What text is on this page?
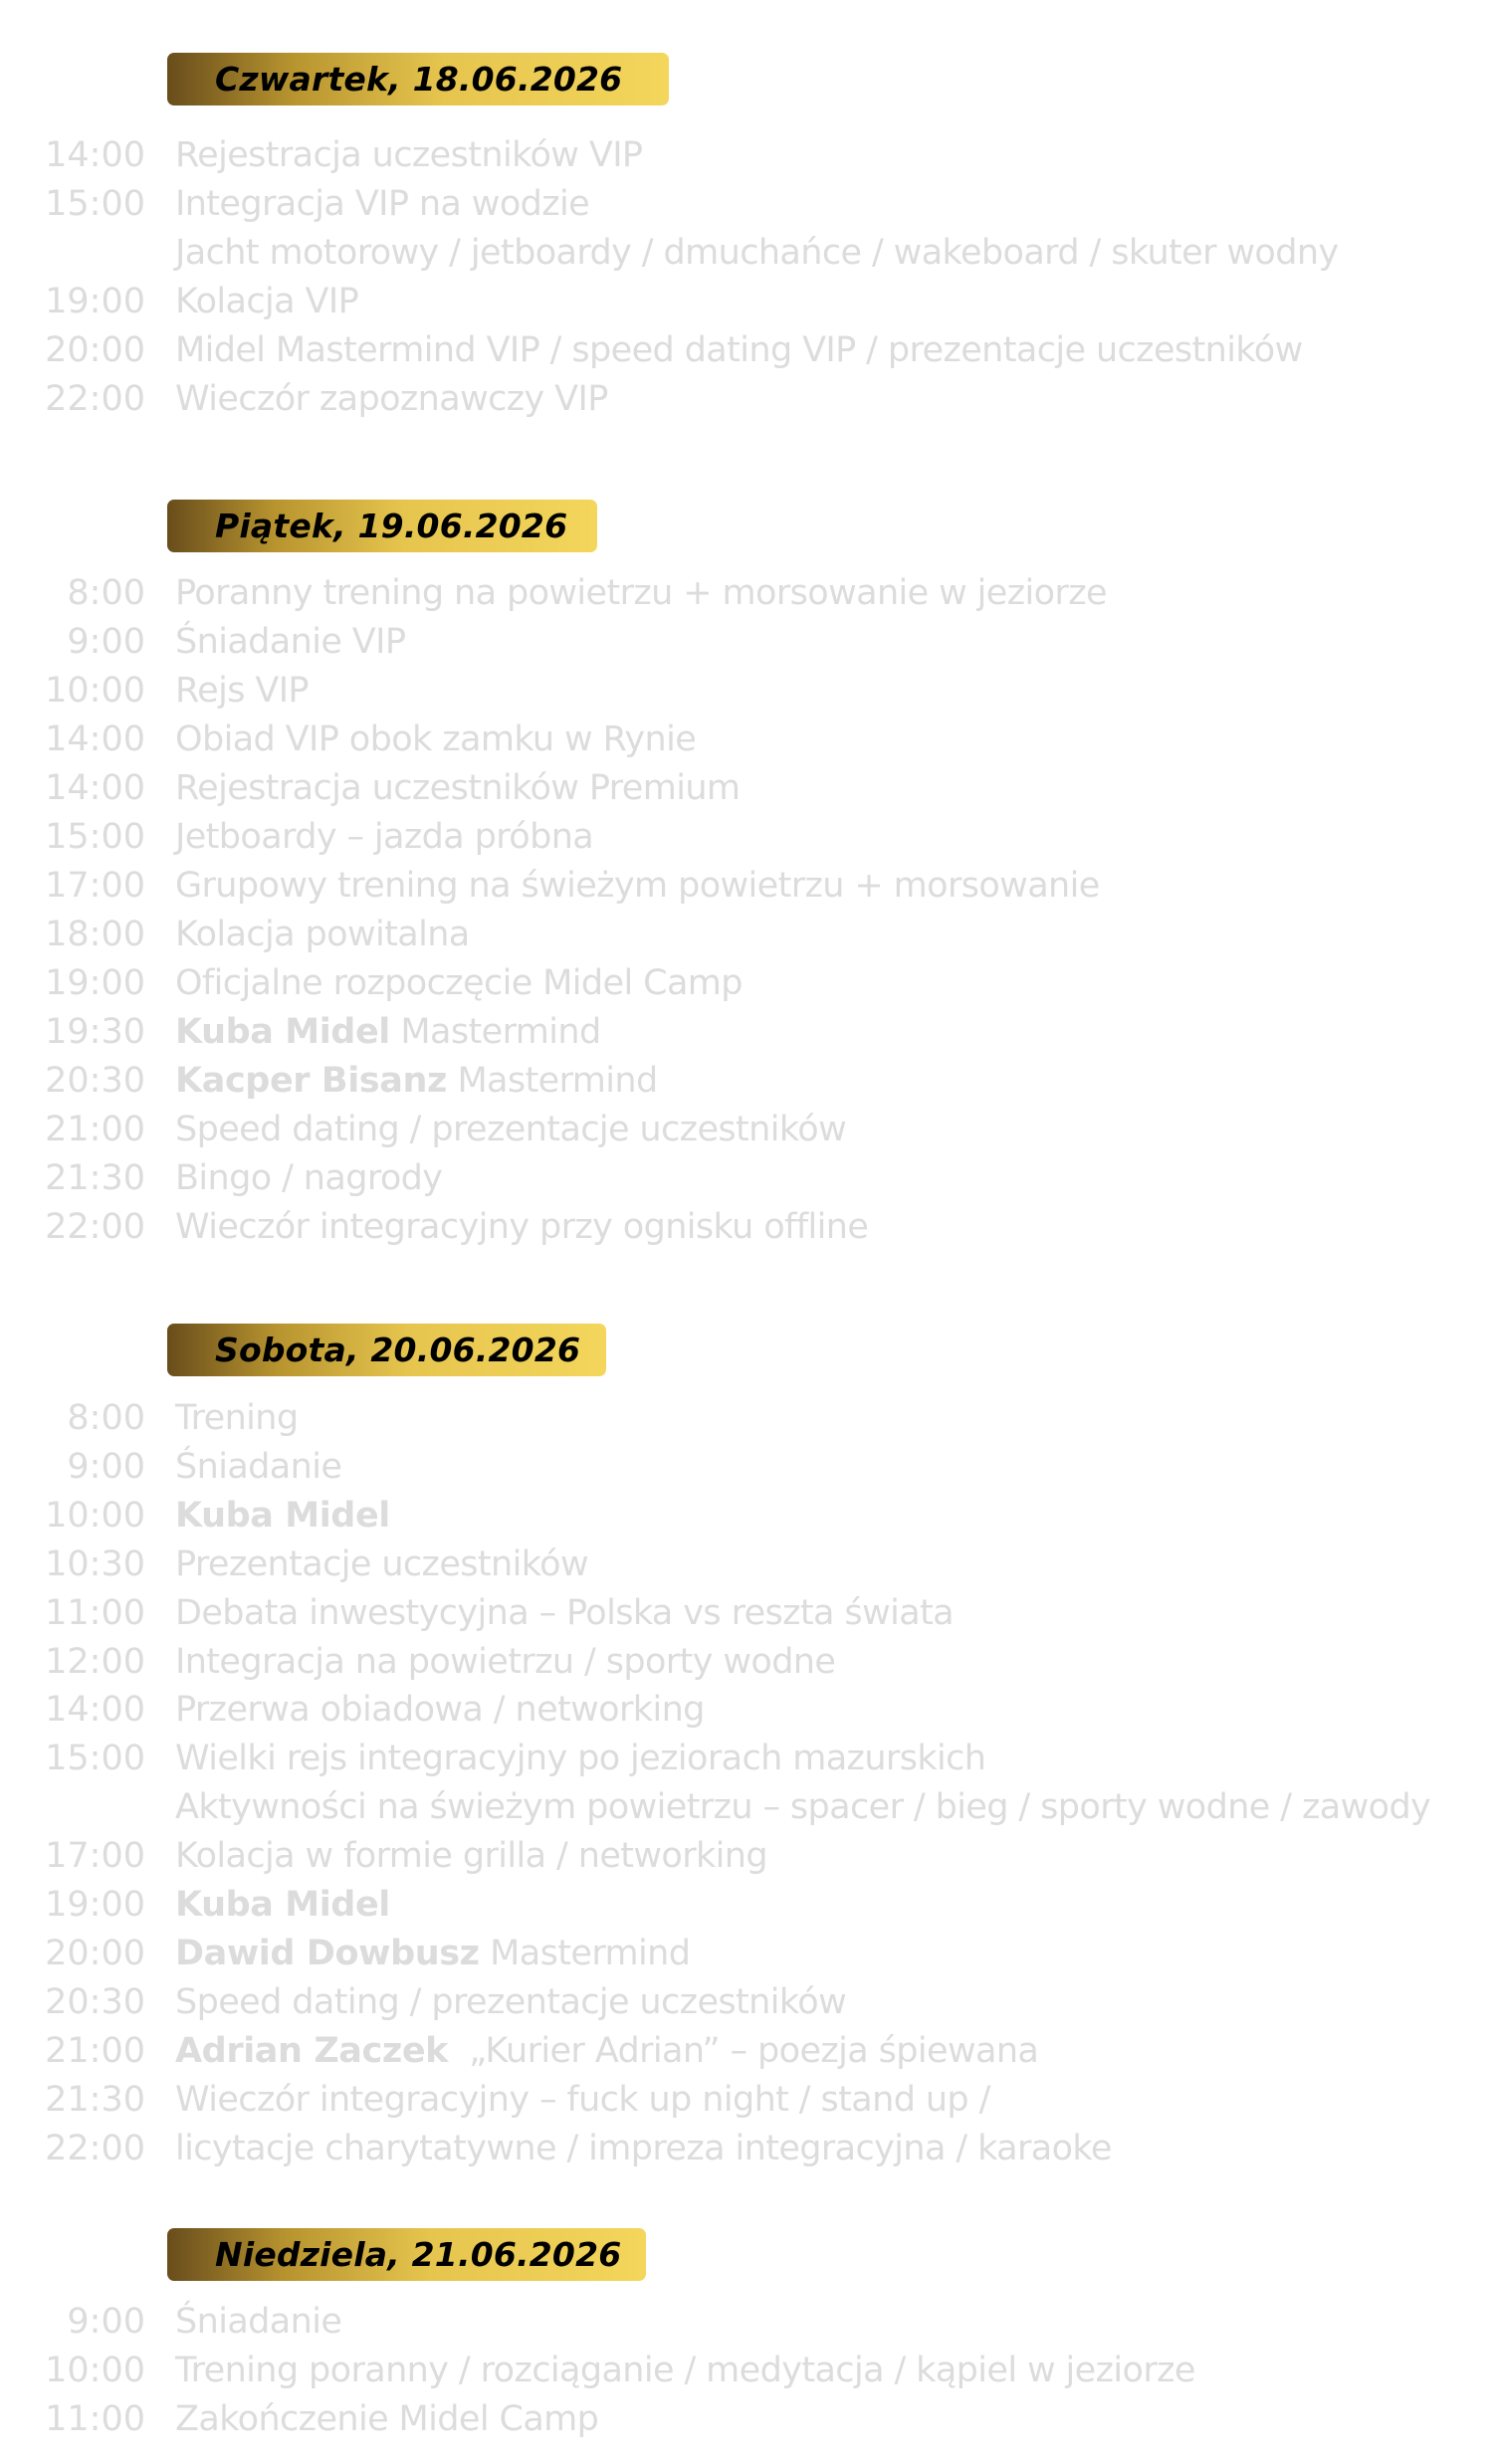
Czwartek, 18.06.2026
14:00 Rejestracja uczestników VIP
15:00 Integracja VIP na wodzie
Jacht motorowy / jetboardy / dmuchańce / wakeboard / skuter wodny
19:00 Kolacja VIP
20:00 Midel Mastermind VIP / speed dating VIP / prezentacje uczestników
22:00 Wieczór zapoznawczy VIP
Piątek, 19.06.2026
8:00 Poranny trening na powietrzu + morsowanie w jeziorze
9:00 Śniadanie VIP
10:00 Rejs VIP
14:00 Obiad VIP obok zamku w Rynie
14:00 Rejestracja uczestników Premium
15:00 Jetboardy – jazda próbna
17:00 Grupowy trening na świeżym powietrzu + morsowanie
18:00 Kolacja powitalna
19:00 Oficjalne rozpoczęcie Midel Camp
19:30 Kuba Midel Mastermind
20:30 Kacper Bisanz Mastermind
21:00 Speed dating / prezentacje uczestników
21:30 Bingo / nagrody
22:00 Wieczór integracyjny przy ognisku offline
Sobota, 20.06.2026
8:00 Trening
9:00 Śniadanie
10:00 Kuba Midel
10:30 Prezentacje uczestników
11:00 Debata inwestycyjna – Polska vs reszta świata
12:00 Integracja na powietrzu / sporty wodne
14:00 Przerwa obiadowa / networking
15:00 Wielki rejs integracyjny po jeziorach mazurskich
Aktywności na świeżym powietrzu – spacer / bieg / sporty wodne / zawody
17:00 Kolacja w formie grilla / networking
19:00 Kuba Midel
20:00 Dawid Dowbusz Mastermind
20:30 Speed dating / prezentacje uczestników
21:00 Adrian Zaczek  „Kurier Adrian” – poezja śpiewana
21:30 Wieczór integracyjny – fuck up night / stand up /
22:00 licytacje charytatywne / impreza integracyjna / karaoke
Niedziela, 21.06.2026
9:00 Śniadanie
10:00 Trening poranny / rozciąganie / medytacja / kąpiel w jeziorze
11:00 Zakończenie Midel Camp
